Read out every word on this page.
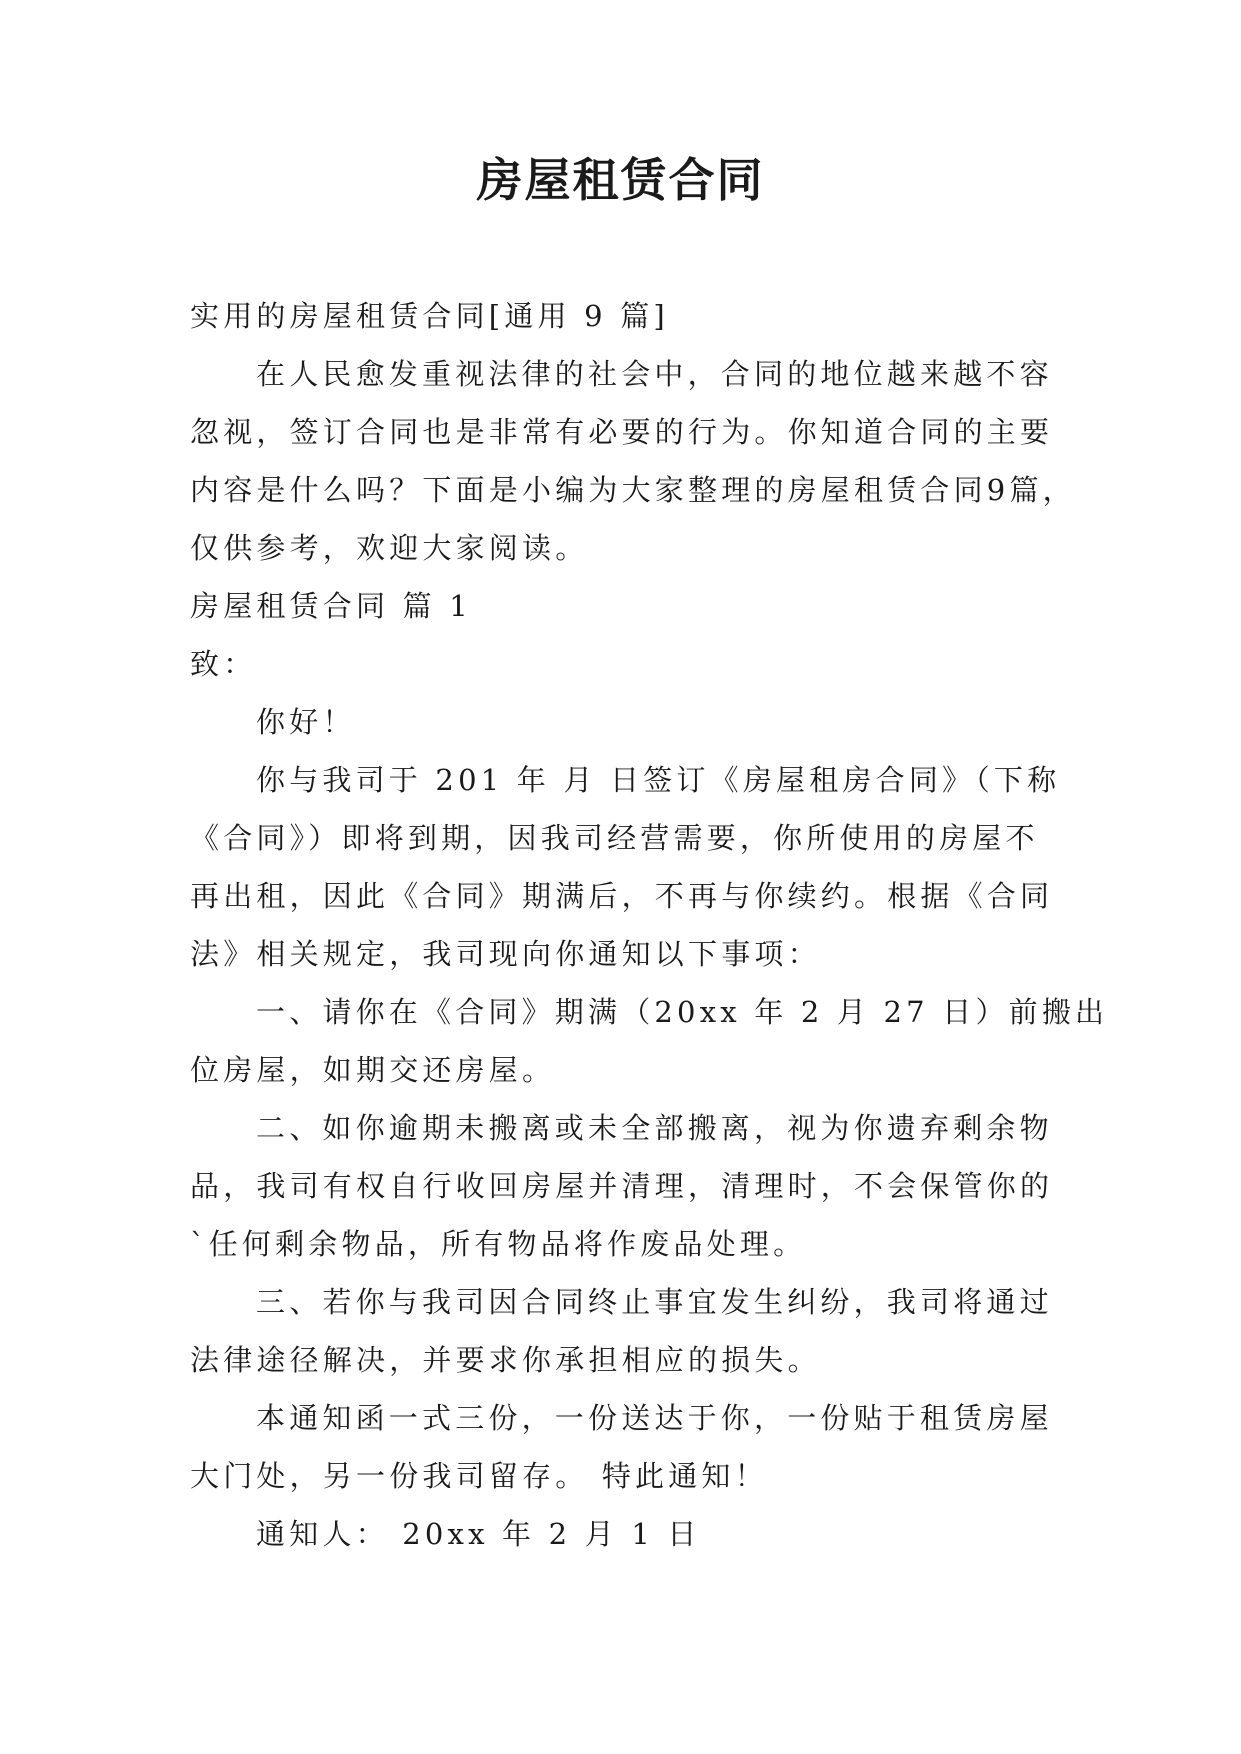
房屋租赁合同
实用的房屋租赁合同[通用 9 篇]
在人民愈发重视法律的社会中，合同的地位越来越不容
忽视，签订合同也是非常有必要的行为。你知道合同的主要
内容是什么吗？下面是小编为大家整理的房屋租赁合同9篇，
仅供参考，欢迎大家阅读。
房屋租赁合同 篇 1
致：
你好！
你与我司于 201 年 月 日签订《房屋租房合同》（下称
《合同》）即将到期，因我司经营需要，你所使用的房屋不
再出租，因此《合同》期满后，不再与你续约。根据《合同
法》相关规定，我司现向你通知以下事项：
一、请你在《合同》期满（20xx 年 2 月 27 日）前搬出
位房屋，如期交还房屋。
二、如你逾期未搬离或未全部搬离，视为你遗弃剩余物
品，我司有权自行收回房屋并清理，清理时，不会保管你的
`任何剩余物品，所有物品将作废品处理。
三、若你与我司因合同终止事宜发生纠纷，我司将通过
法律途径解决，并要求你承担相应的损失。
本通知函一式三份，一份送达于你，一份贴于租赁房屋
大门处，另一份我司留存。 特此通知！
通知人： 20xx 年 2 月 1 日
